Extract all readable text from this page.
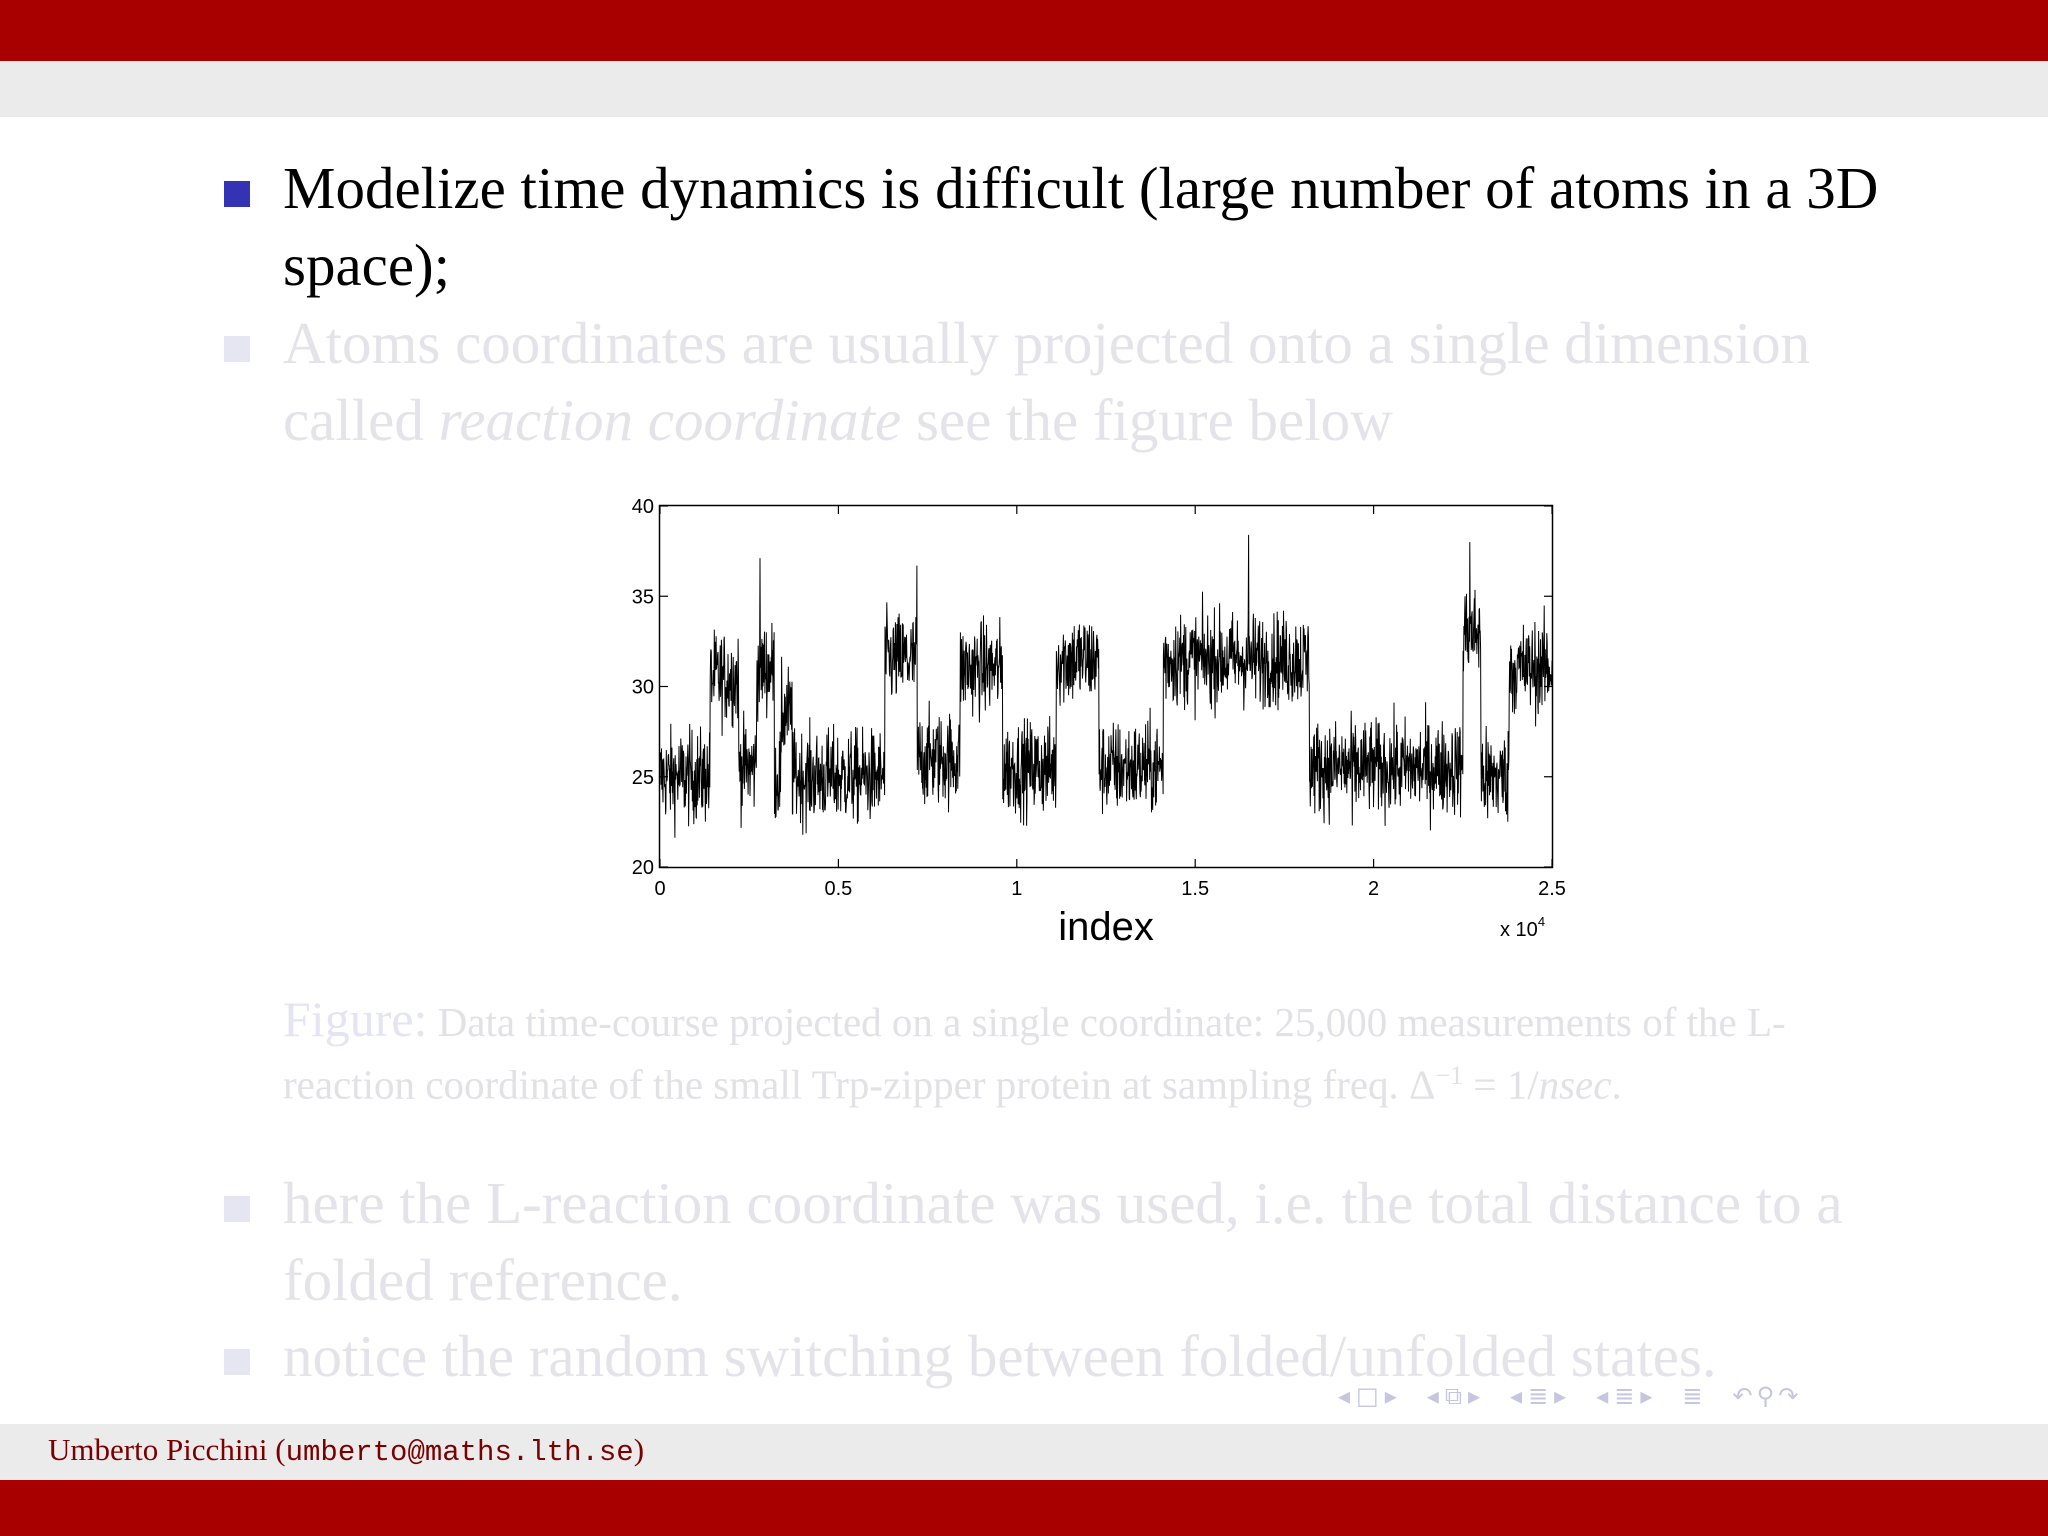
Modelize time dynamics is difficult (large number of atoms in a 3D space);
Atoms coordinates are usually projected onto a single dimension called reaction coordinate see the figure below
0	0.5	1	1.5	2	2.5
20
25
30
35
40
index	x $10^4$
Figure: Data time-course projected on a single coordinate: 25,000 measurements of the L-reaction coordinate of the small Trp-zipper protein at sampling freq. $\Delta^{-1} = 1/nsec$.
here the L-reaction coordinate was used, i.e. the total distance to a folded reference.
notice the random switching between folded/unfolded states.
◂ □ ▸ ◂ ⧉ ▸ ◂ ≣ ▸ ◂ ≣ ▸ ≣ ↶ ⚲ ↷
Umberto Picchini (umberto@maths.lth.se)
